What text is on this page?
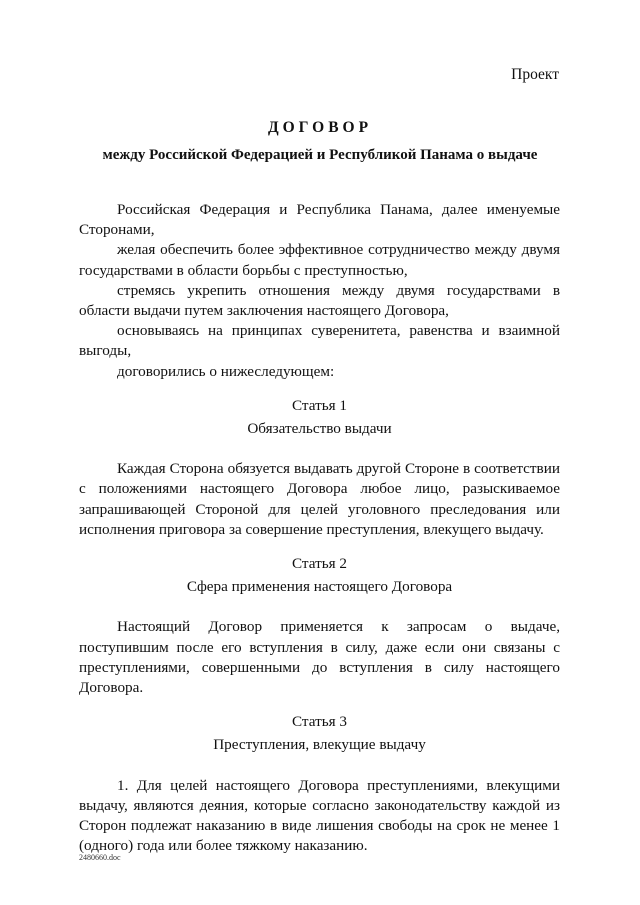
Проект
ДОГОВОР
между Российской Федерацией и Республикой Панама о выдаче

Российская Федерация и Республика Панама, далее именуемые Сторонами,

желая обеспечить более эффективное сотрудничество между двумя государствами в области борьбы с преступностью,

стремясь укрепить отношения между двумя государствами в области выдачи путем заключения настоящего Договора,

основываясь на принципах суверенитета, равенства и взаимной выгоды,

договорились о нижеследующем:

Статья 1

Обязательство выдачи

Каждая Сторона обязуется выдавать другой Стороне в соответствии с положениями настоящего Договора любое лицо, разыскиваемое запрашивающей Стороной для целей уголовного преследования или исполнения приговора за совершение преступления, влекущего выдачу.

Статья 2

Сфера применения настоящего Договора

Настоящий Договор применяется к запросам о выдаче, поступившим после его вступления в силу, даже если они связаны с преступлениями, совершенными до вступления в силу настоящего Договора.

Статья 3

Преступления, влекущие выдачу

1. Для целей настоящего Договора преступлениями, влекущими выдачу, являются деяния, которые согласно законодательству каждой из Сторон подлежат наказанию в виде лишения свободы на срок не менее 1 (одного) года или более тяжкому наказанию.

2480660.doc
